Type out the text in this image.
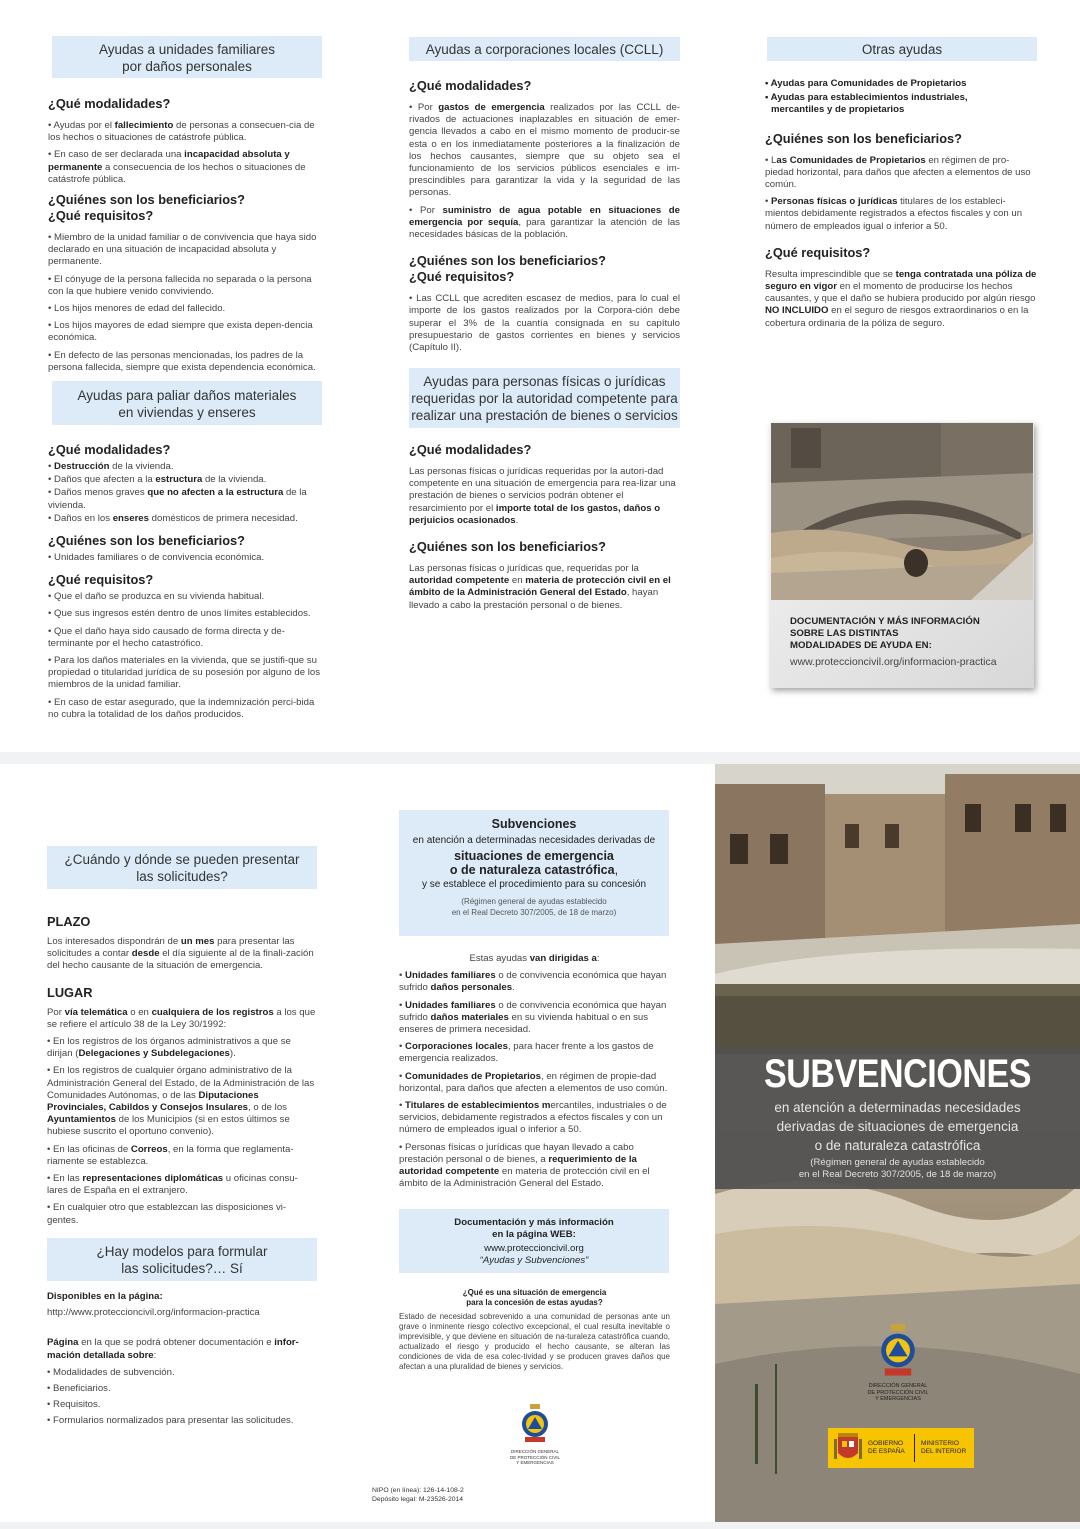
Ayudas a unidades familiares
por daños personales
¿Qué modalidades?

• Ayudas por el fallecimiento de personas a consecuen-cia de los hechos o situaciones de catástrofe pública.

• En caso de ser declarada una incapacidad absoluta y permanente a consecuencia de los hechos o situaciones de catástrofe pública.

¿Quiénes son los beneficiarios?
¿Qué requisitos?

• Miembro de la unidad familiar o de convivencia que haya sido declarado en una situación de incapacidad absoluta y permanente.

• El cónyuge de la persona fallecida no separada o la persona con la que hubiere venido conviviendo.

• Los hijos menores de edad del fallecido.

• Los hijos mayores de edad siempre que exista depen-dencia económica.

• En defecto de las personas mencionadas, los padres de la persona fallecida, siempre que exista dependencia económica.

Ayudas para paliar daños materiales
en viviendas y enseres
¿Qué modalidades?

• Destrucción de la vivienda.

• Daños que afecten a la estructura de la vivienda.

• Daños menos graves que no afecten a la estructura de la vivienda.

• Daños en los enseres domésticos de primera necesidad.

¿Quiénes son los beneficiarios?

• Unidades familiares o de convivencia económica.

¿Qué requisitos?

• Que el daño se produzca en su vivienda habitual.

• Que sus ingresos estén dentro de unos límites establecidos.

• Que el daño haya sido causado de forma directa y de-terminante por el hecho catastrófico.

• Para los daños materiales en la vivienda, que se justifi-que su propiedad o titularidad jurídica de su posesión por alguno de los miembros de la unidad familiar.

• En caso de estar asegurado, que la indemnización perci-bida no cubra la totalidad de los daños producidos.

Ayudas a corporaciones locales (CCLL)
¿Qué modalidades?

• Por gastos de emergencia realizados por las CCLL de-rivados de actuaciones inaplazables en situación de emer-gencia llevados a cabo en el mismo momento de producir-se esta o en los inmediatamente posteriores a la finalización de los hechos causantes, siempre que su objeto sea el funcionamiento de los servicios públicos esenciales e im-prescindibles para garantizar la vida y la seguridad de las personas.

• Por suministro de agua potable en situaciones de emergencia por sequía, para garantizar la atención de las necesidades básicas de la población.

¿Quiénes son los beneficiarios?
¿Qué requisitos?

• Las CCLL que acrediten escasez de medios, para lo cual el importe de los gastos realizados por la Corpora-ción debe superar el 3% de la cuantía consignada en su capítulo presupuestario de gastos corrientes en bienes y servicios (Capítulo II).

Ayudas para personas físicas o jurídicas
requeridas por la autoridad competente para
realizar una prestación de bienes o servicios
¿Qué modalidades?

Las personas físicas o jurídicas requeridas por la autori-dad competente en una situación de emergencia para rea-lizar una prestación de bienes o servicios podrán obtener el resarcimiento por el importe total de los gastos, daños o perjuicios ocasionados.

¿Quiénes son los beneficiarios?

Las personas físicas o jurídicas que, requeridas por la autoridad competente en materia de protección civil en el ámbito de la Administración General del Estado, hayan llevado a cabo la prestación personal o de bienes.

Otras ayudas
• Ayudas para Comunidades de Propietarios
• Ayudas para establecimientos industriales,
mercantiles y de propietarios
¿Quiénes son los beneficiarios?

• Las Comunidades de Propietarios en régimen de pro-piedad horizontal, para daños que afecten a elementos de uso común.

• Personas físicas o jurídicas titulares de los estableci-mientos debidamente registrados a efectos fiscales y con un número de empleados igual o inferior a 50.

¿Qué requisitos?

Resulta imprescindible que se tenga contratada una póliza de seguro en vigor en el momento de producirse los hechos causantes, y que el daño se hubiera producido por algún riesgo NO INCLUIDO en el seguro de riesgos extraordinarios o en la cobertura ordinaria de la póliza de seguro.

DOCUMENTACIÓN Y MÁS INFORMACIÓN
SOBRE LAS DISTINTAS
MODALIDADES DE AYUDA EN:
www.proteccioncivil.org/informacion-practica
¿Cuándo y dónde se pueden presentar
las solicitudes?
PLAZO

Los interesados dispondrán de un mes para presentar las solicitudes a contar desde el día siguiente al de la finali-zación del hecho causante de la situación de emergencia.

LUGAR

Por vía telemática o en cualquiera de los registros a los que se refiere el artículo 38 de la Ley 30/1992:

• En los registros de los órganos administrativos a que se dirijan (Delegaciones y Subdelegaciones).

• En los registros de cualquier órgano administrativo de la Administración General del Estado, de la Administración de las Comunidades Autónomas, o de las Diputaciones Provinciales, Cabildos y Consejos Insulares, o de los Ayuntamientos de los Municipios (si en estos últimos se hubiese suscrito el oportuno convenio).

• En las oficinas de Correos, en la forma que reglamenta-riamente se establezca.

• En las representaciones diplomáticas u oficinas consu-lares de España en el extranjero.

• En cualquier otro que establezcan las disposiciones vi-gentes.

¿Hay modelos para formular
las solicitudes?… Sí

Disponibles en la página:

http://www.proteccioncivil.org/informacion-practica

Página en la que se podrá obtener documentación e infor-mación detallada sobre:

• Modalidades de subvención.

• Beneficiarios.

• Requisitos.

• Formularios normalizados para presentar las solicitudes.

Subvenciones
en atención a determinadas necesidades derivadas de
situaciones de emergencia
o de naturaleza catastrófica,
y se establece el procedimiento para su concesión
(Régimen general de ayudas establecido
en el Real Decreto 307/2005, de 18 de marzo)

Estas ayudas van dirigidas a:

• Unidades familiares o de convivencia económica que hayan sufrido daños personales.

• Unidades familiares o de convivencia económica que hayan sufrido daños materiales en su vivienda habitual o en sus enseres de primera necesidad.

• Corporaciones locales, para hacer frente a los gastos de emergencia realizados.

• Comunidades de Propietarios, en régimen de propie-dad horizontal, para daños que afecten a elementos de uso común.

• Titulares de establecimientos mercantiles, industriales o de servicios, debidamente registrados a efectos fiscales y con un número de empleados igual o inferior a 50.

• Personas físicas o jurídicas que hayan llevado a cabo prestación personal o de bienes, a requerimiento de la autoridad competente en materia de protección civil en el ámbito de la Administración General del Estado.

Documentación y más información
en la página WEB:
www.proteccioncivil.org
“Ayudas y Subvenciones”
¿Qué es una situación de emergencia
para la concesión de estas ayudas?
Estado de necesidad sobrevenido a una comunidad de personas ante un grave o inminente riesgo colectivo excepcional, el cual resulta inevitable o imprevisible, y que deviene en situación de na-turaleza catastrófica cuando, actualizado el riesgo y producido el hecho causante, se alteran las condiciones de vida de esa colec-tividad y se producen graves daños que afectan a una pluralidad de bienes y servicios.
DIRECCIÓN GENERAL
DE PROTECCIÓN CIVIL
Y EMERGENCIAS
NIPO (en línea): 126-14-108-2
Depósito legal: M-23526-2014
SUBVENCIONES
en atención a determinadas necesidades
derivadas de situaciones de emergencia
o de naturaleza catastrófica
(Régimen general de ayudas establecido
en el Real Decreto 307/2005, de 18 de marzo)
DIRECCIÓN GENERAL
DE PROTECCIÓN CIVIL
Y EMERGENCIAS
GOBIERNO
DE ESPAÑA
MINISTERIO
DEL INTERIOR
